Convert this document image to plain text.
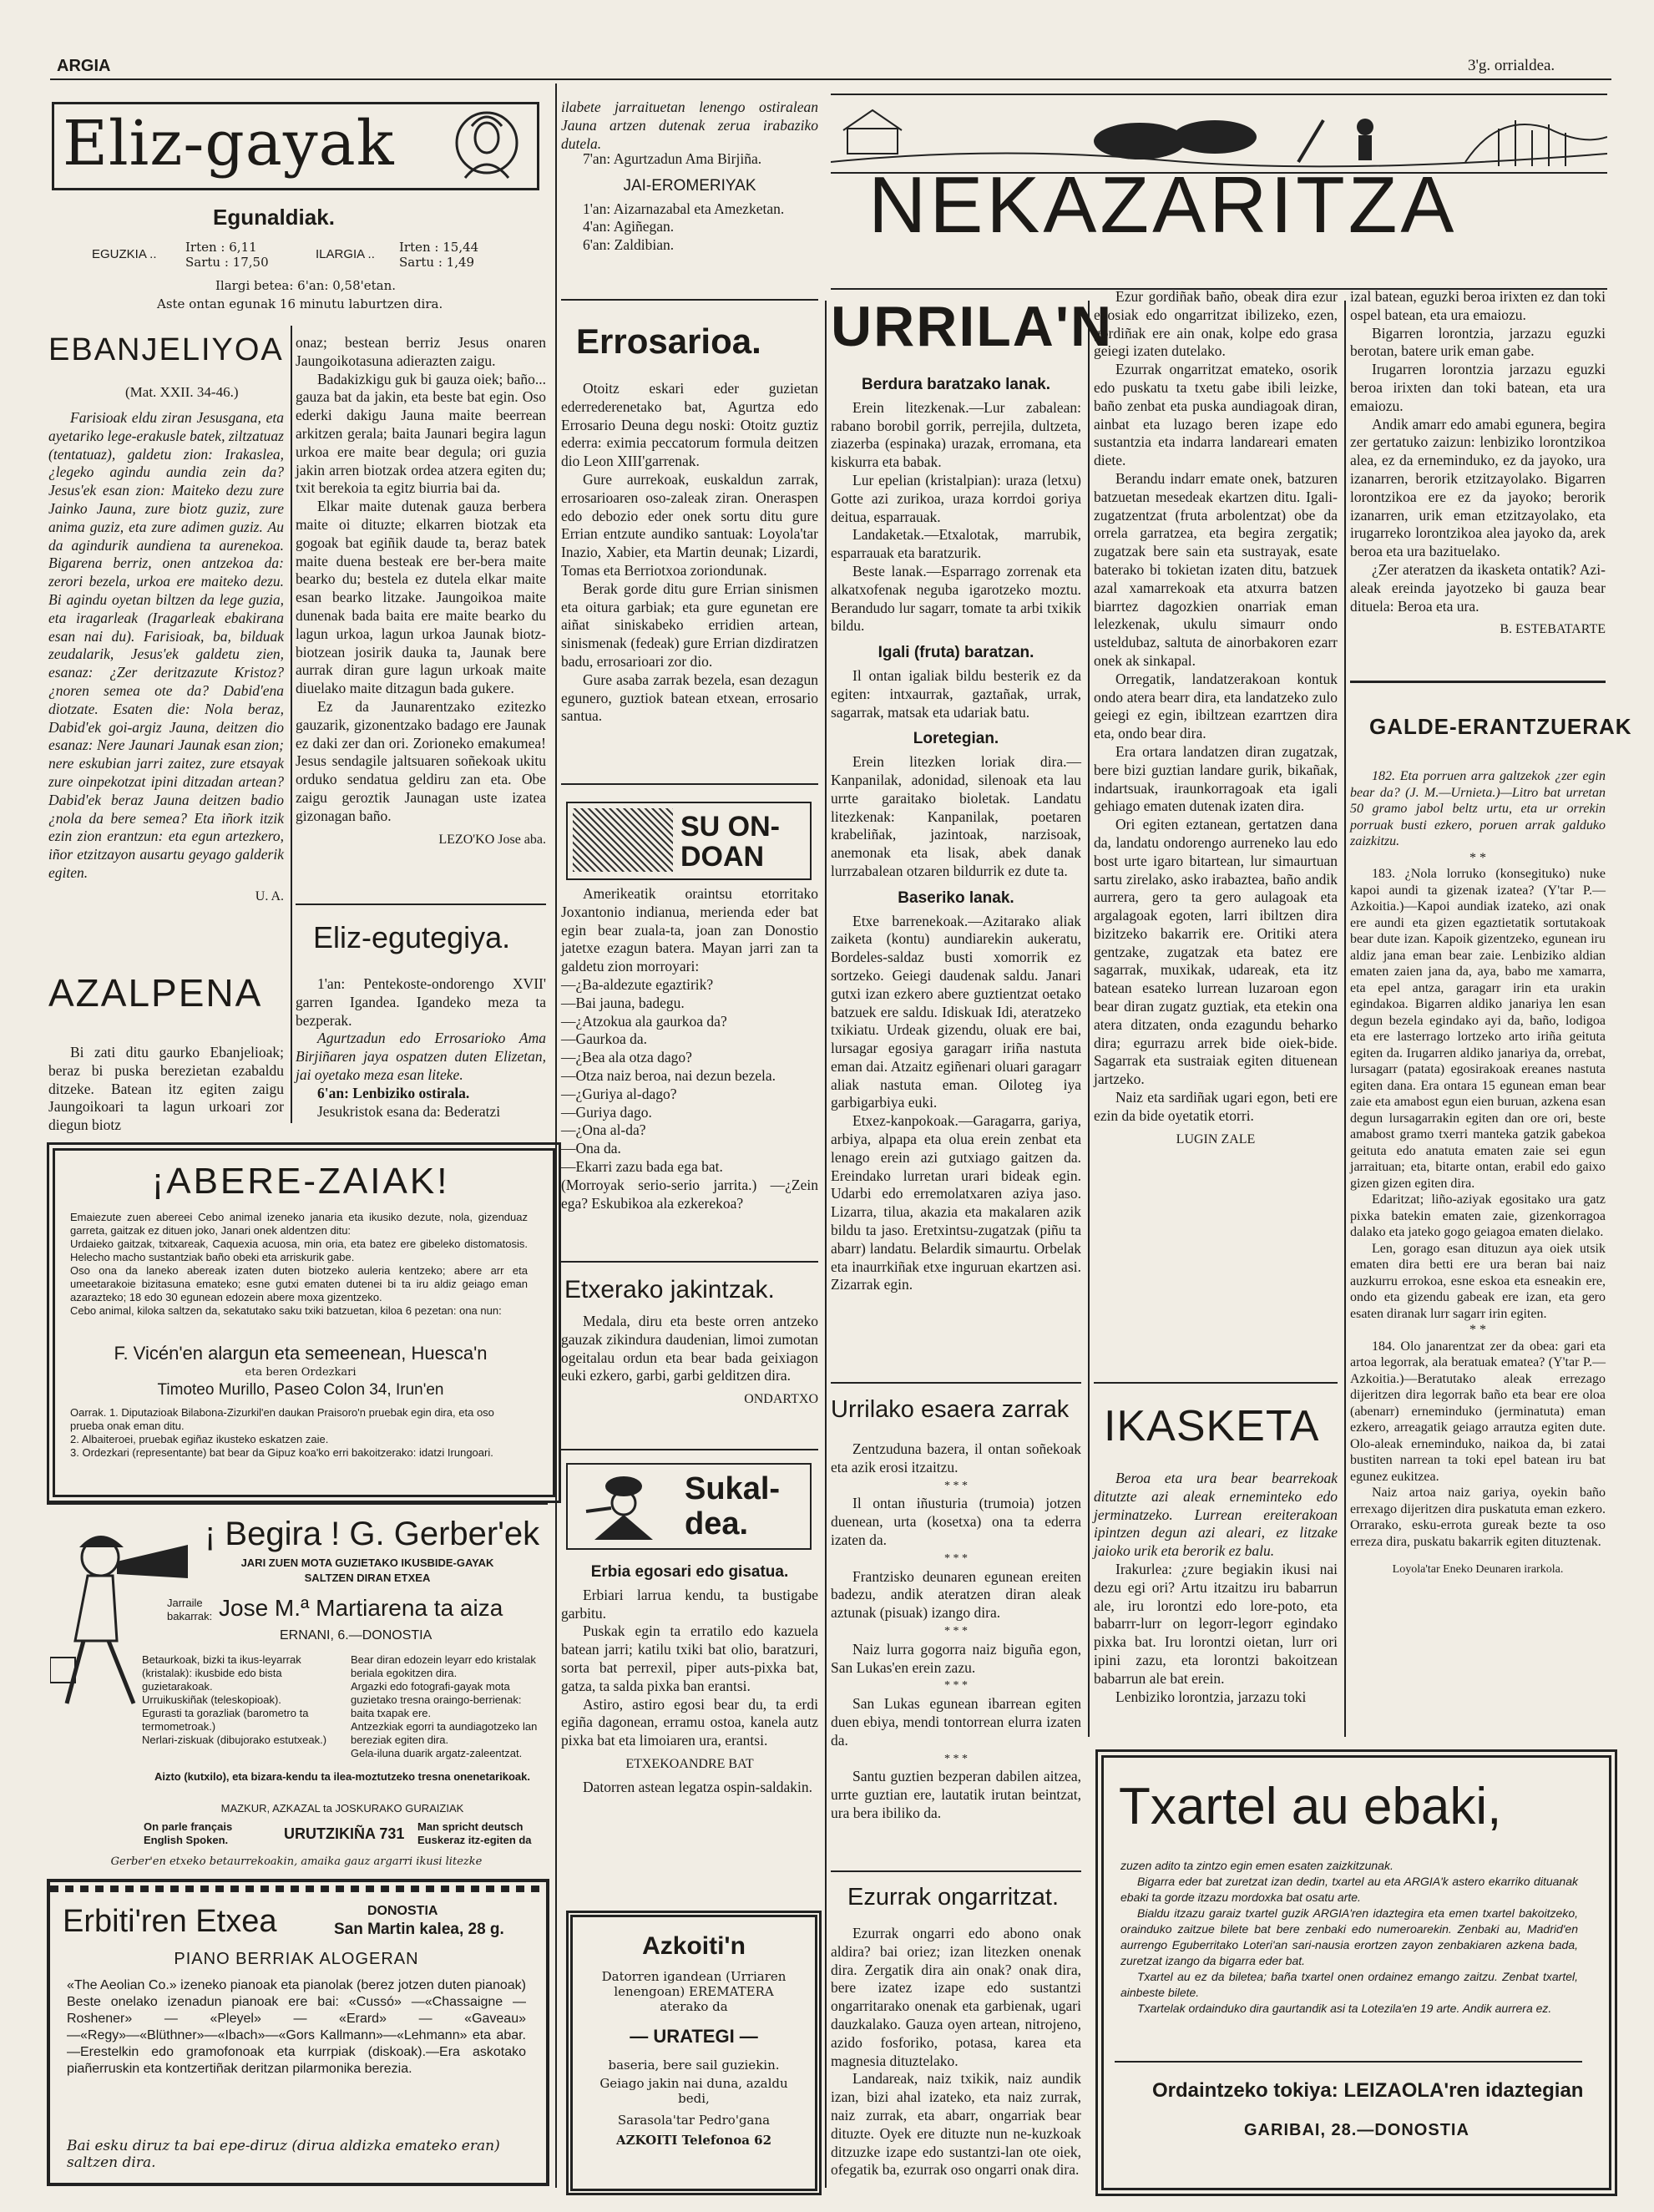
ARGIA	3'g. orrialdea.
Eliz-gayak
Egunaldiak.
EGUZKIA .. Irten : 6,11
Sartu : 17,50
ILARGIA .. Irten : 15,44
Sartu : 1,49
Ilargi betea: 6'an: 0,58'etan.
Aste ontan egunak 16 minutu laburtzen dira.
EBANJELIYOA
(Mat. XXII. 34-46.)

Farisioak eldu ziran Jesusgana, eta ayetariko lege-erakusle batek, ziltzatuaz (tentatuaz), galdetu zion: Irakaslea, ¿legeko agindu aundia zein da? Jesus'ek esan zion: Maiteko dezu zure Jainko Jauna, zure biotz guziz, zure anima guziz, eta zure adimen guziz. Au da agindurik aundiena ta aurenekoa. Bigarena berriz, onen antzekoa da: zerori bezela, urkoa ere maiteko dezu. Bi agindu oyetan biltzen da lege guzia, eta iragarleak (Iragarleak ebakirana esan nai du). Farisioak, ba, bilduak zeudalarik, Jesus'ek galdetu zien, esanaz: ¿Zer deritzazute Kristoz? ¿noren semea ote da? Dabid'ena diotzate. Esaten die: Nola beraz, Dabid'ek goi-argiz Jauna, deitzen dio esanaz: Nere Jaunari Jaunak esan zion; nere eskubian jarri zaitez, zure etsayak zure oinpekotzat ipini ditzadan artean? Dabid'ek beraz Jauna deitzen badio ¿nola da bere semea? Eta iñork itzik ezin zion erantzun: eta egun artezkero, iñor etzitzayon ausartu geyago galderik egiten.

U. A.
AZALPENA

Bi zati ditu gaurko Ebanjelioak; beraz bi puska berezietan ezabaldu ditzeke. Batean itz egiten zaigu Jaungoikoari ta lagun urkoari zor diegun biotz

onaz; bestean berriz Jesus onaren Jaungoikotasuna adierazten zaigu.

Badakizkigu guk bi gauza oiek; baño... gauza bat da jakin, eta beste bat egin. Oso ederki dakigu Jauna maite beerrean arkitzen gerala; baita Jaunari begira lagun urkoa ere maite bear degula; ori guzia jakin arren biotzak ordea atzera egiten du; txit berekoia ta egitz biurria bai da.

Elkar maite dutenak gauza berbera maite oi dituzte; elkarren biotzak eta gogoak bat egiñik daude ta, beraz batek maite duena besteak ere ber-bera maite bearko du; bestela ez dutela elkar maite esan bearko litzake. Jaungoikoa maite dunenak bada baita ere maite bearko du lagun urkoa, lagun urkoa Jaunak biotz-biotzean josirik dauka ta, Jaunak bere aurrak diran gure lagun urkoak maite diuelako maite ditzagun bada gukere.

Ez da Jaunarentzako ezitezko gauzarik, gizonentzako badago ere Jaunak ez daki zer dan ori. Zorioneko emakumea! Jesus sendagile jaltsuaren soñekoak ukitu orduko sendatua geldiru zan eta. Obe zaigu geroztik Jaunagan uste izatea gizonagan baño.

LEZO'KO Jose aba.
Eliz-egutegiya.

1'an: Pentekoste-ondorengo XVII' garren Igandea. Igandeko meza ta bezperak.

Agurtzadun edo Errosarioko Ama Birjiñaren jaya ospatzen duten Elizetan, jai oyetako meza esan liteke.

6'an: Lenbiziko ostirala.

Jesukristok esana da: Bederatzi

ilabete jarraituetan lenengo ostiralean Jauna artzen dutenak zerua irabaziko dutela.

7'an: Agurtzadun Ama Birjiña.

JAI-EROMERIYAK

1'an: Aizarnazabal eta Amezketan.

4'an: Agiñegan.

6'an: Zaldibian.

Errosarioa.

Otoitz eskari eder guzietan ederrederenetako bat, Agurtza edo Errosario Deuna degu noski: Otoitz guztiz ederra: eximia peccatorum formula deitzen dio Leon XIII'garrenak.

Gure aurrekoak, euskaldun zarrak, errosarioaren oso-zaleak ziran. Oneraspen edo debozio eder onek sortu ditu gure Errian entzute aundiko santuak: Loyola'tar Inazio, Xabier, eta Martin deunak; Lizardi, Tomas eta Berriotxoa zoriondunak.

Berak gorde ditu gure Errian sinismen eta oitura garbiak; eta gure egunetan ere aiñat siniskabeko erridien artean, sinismenak (fedeak) gure Errian dizdiratzen badu, errosarioari zor dio.

Gure asaba zarrak bezela, esan dezagun egunero, guztiok batean etxean, errosario santua.

SU ON-DOAN

Amerikeatik oraintsu etorritako Joxantonio indianua, merienda eder bat egin bear zuala-ta, joan zan Donostio jatetxe ezagun batera. Mayan jarri zan ta galdetu zion morroyari:

—¿Ba-aldezute egaztirik?

—Bai jauna, badegu.

—¿Atzokua ala gaurkoa da?

—Gaurkoa da.

—¿Bea ala otza dago?

—Otza naiz beroa, nai dezun bezela.

—¿Guriya al-dago?

—Guriya dago.

—¿Ona al-da?

—Ona da.

—Ekarri zazu bada ega bat.

(Morroyak serio-serio jarrita.) —¿Zein ega? Eskubikoa ala ezkerekoa?

Etxerako jakintzak.

Medala, diru eta beste orren antzeko gauzak zikindura daudenian, limoi zumotan ogeitalau ordun eta bear bada geixiagon euki ezkero, garbi, garbi gelditzen dira.

ONDARTXO
Sukal-dea.
Erbia egosari edo gisatua.

Erbiari larrua kendu, ta bustigabe garbitu.

Puskak egin ta erratilo edo kazuela batean jarri; katilu txiki bat olio, baratzuri, sorta bat perrexil, piper auts-pixka bat, gatza, ta salda pixka ban erantsi.

Astiro, astiro egosi bear du, ta erdi egiña dagonean, erramu ostoa, kanela autz pixka bat eta limoiaren ura, erantsi.

ETXEKOANDRE BAT

Datorren astean legatza ospin-saldakin.

Azkoiti'n
Datorren igandean (Urriaren lenengoan) EREMATERA aterako da
— URATEGI —
baseria, bere sail guziekin.
Geiago jakin nai duna, azaldu bedi,
Sarasola'tar Pedro'gana
AZKOITI Telefonoa 62
NEKAZARITZA
URRILA'N
Berdura baratzako lanak.

Erein litezkenak.—Lur zabalean: rabano borobil gorrik, perrejila, dultzeta, ziazerba (espinaka) urazak, erromana, eta kiskurra eta babak.

Lur epelian (kristalpian): uraza (letxu) Gotte azi zurikoa, uraza korrdoi goriya deitua, esparrauak.

Landaketak.—Etxalotak, marrubik, esparrauak eta baratzurik.

Beste lanak.—Esparrago zorrenak eta alkatxofenak neguba igarotzeko moztu. Berandudo lur sagarr, tomate ta arbi txikik bildu.

Igali (fruta) baratzan.

Il ontan igaliak bildu besterik ez da egiten: intxaurrak, gaztañak, urrak, sagarrak, matsak eta udariak batu.

Loretegian.

Erein litezken loriak dira.—Kanpanilak, adonidad, silenoak eta lau urrte garaitako bioletak. Landatu litezkenak: Kanpanilak, poetaren krabeliñak, jazintoak, narzisoak, anemonak eta lisak, abek danak lurrzabalean otzaren bildurrik ez dute ta.

Baseriko lanak.

Etxe barrenekoak.—Azitarako aliak zaiketa (kontu) aundiarekin aukeratu, Bordeles-saldaz busti xomorrik ez sortzeko. Geiegi daudenak saldu. Janari gutxi izan ezkero abere guztientzat oetako batzuek ere saldu. Idiskuak Idi, ateratzeko txikiatu. Urdeak gizendu, oluak ere bai, lursagar egosiya garagarr iriña nastuta eman dai. Atzaitz egiñenari oluari garagarr aliak nastuta eman. Oiloteg iya garbigarbiya euki.

Etxez-kanpokoak.—Garagarra, gariya, arbiya, alpapa eta olua erein zenbat eta lenago erein azi gutxiago gaitzen da. Ereindako lurretan urari bideak egin. Udarbi edo erremolatxaren aziya jaso. Lizarra, tilua, akazia eta makalaren azik bildu ta jaso. Eretxintsu-zugatzak (piñu ta abarr) landatu. Belardik simaurtu. Orbelak eta inaurrkiñak etxe inguruan ekartzen asi. Zizarrak egin.

Urrilako esaera zarrak

Zentzuduna bazera, il ontan soñekoak eta azik erosi itzaitzu.

* * *

Il ontan iñusturia (trumoia) jotzen duenean, urta (kosetxa) ona ta ederra izaten da.

* * *

Frantzisko deunaren egunean ereiten badezu, andik ateratzen diran aleak aztunak (pisuak) izango dira.

* * *

Naiz lurra gogorra naiz biguña egon, San Lukas'en erein zazu.

* * *

San Lukas egunean ibarrean egiten duen ebiya, mendi tontorrean elurra izaten da.

* * *

Santu guztien bezperan dabilen aitzea, urrte guztian ere, lautatik irutan beintzat, ura bera ibiliko da.

Ezurrak ongarritzat.

Ezurrak ongarri edo abono onak aldira? bai oriez; izan litezken onenak dira. Zergatik dira ain onak? onak dira, bere izatez izape edo sustantzi ongarritarako onenak eta garbienak, ugari dauzkalako. Gauza oyen artean, nitrojeno, azido fosforiko, potasa, karea eta magnesia dituztelako.

Landareak, naiz txikik, naiz aundik izan, bizi ahal izateko, eta naiz zurrak, naiz zurrak, eta abarr, ongarriak bear dituzte. Oyek ere dituzte nun ne-kuzkoak ditzuzke izape edo sustantzi-lan ote oiek, ofegatik ba, ezurrak oso ongarri onak dira.

Ezur gordiñak baño, obeak dira ezur egosiak edo ongarritzat ibilizeko, ezen, gordiñak ere ain onak, kolpe edo grasa geiegi izaten dutelako.

Ezurrak ongarritzat emateko, osorik edo puskatu ta txetu gabe ibili leizke, baño zenbat eta puska aundiagoak diran, ainbat eta luzago beren izape edo sustantzia eta indarra landareari ematen diete.

Berandu indarr emate onek, batzuren batzuetan mesedeak ekartzen ditu. Igali-zugatzentzat (fruta arbolentzat) obe da orrela garratzea, eta begira zergatik; zugatzak bere sain eta sustrayak, esate baterako bi tokietan izaten ditu, batzuek azal xamarrekoak eta atxurra batzen biarrtez dagozkien onarriak eman lelezkenak, ukulu simaurr ondo usteldubaz, saltuta de ainorbakoren ezarr onek ak sinkapal.

Orregatik, landatzerakoan kontuk ondo atera bearr dira, eta landatzeko zulo geiegi ez egin, ibiltzean ezarrtzen dira eta, ondo bear dira.

Era ortara landatzen diran zugatzak, bere bizi guztian landare gurik, bikañak, indartsuak, iraunkorragoak eta igali gehiago ematen dutenak izaten dira.

Ori egiten eztanean, gertatzen dana da, landatu ondorengo aurreneko lau edo bost urte igaro bitartean, lur simaurtuan sartu zirelako, asko irabaztea, baño andik aurrera, gero ta gero aulagoak eta argalagoak egoten, larri ibiltzen dira bizitzeko bakarrik ere. Oritiki atera gentzake, zugatzak eta batez ere sagarrak, muxikak, udareak, eta itz batean esateko lurrean luzaroan egon bear diran zugatz guztiak, eta etekin ona atera ditzaten, onda ezagundu beharko dira; egurrazu arrek bide oiek-bide. Sagarrak eta sustraiak egiten dituenean jartzeko.

Naiz eta sardiñak ugari egon, beti ere ezin da bide oyetatik etorri.

LUGIN ZALE
IKASKETA

Beroa eta ura bear bearrekoak ditutzte azi aleak erneminteko edo jerminatzeko. Lurrean ereiterakoan ipintzen degun azi aleari, ez litzake jaioko urik eta berorik ez balu.

Irakurlea: ¿zure begiakin ikusi nai dezu egi ori? Artu itzaitzu iru babarrun ale, iru lorontzi edo lore-poto, eta babarrr-lurr on legorr-legorr egindako pixka bat. Iru lorontzi oietan, lurr ori ipini zazu, eta lorontzi bakoitzean babarrun ale bat erein.

Lenbiziko lorontzia, jarzazu toki

izal batean, eguzki beroa irixten ez dan toki ospel batean, eta ura emaiozu.

Bigarren lorontzia, jarzazu eguzki berotan, batere urik eman gabe.

Irugarren lorontzia jarzazu eguzki beroa irixten dan toki batean, eta ura emaiozu.

Andik amarr edo amabi egunera, begira zer gertatuko zaizun: lenbiziko lorontzikoa alea, ez da erneminduko, ez da jayoko, ura izanarren, berorik etzitzayolako. Bigarren lorontzikoa ere ez da jayoko; berorik izanarren, urik eman etzitzayolako, eta irugarreko lorontzikoa alea jayoko da, arek beroa eta ura bazituelako.

¿Zer ateratzen da ikasketa ontatik? Azi-aleak ereinda jayotzeko bi gauza bear dituela: Beroa eta ura.

B. ESTEBATARTE
GALDE-ERANTZUERAK

182. Eta porruen arra galtzekok ¿zer egin bear da? (J. M.—Urnieta.)—Litro bat urretan 50 gramo jabol beltz urtu, eta ur orrekin porruak busti ezkero, poruen arrak galduko zaizkitzu.

* *

183. ¿Nola lorruko (konsegituko) nuke kapoi aundi ta gizenak izatea? (Y'tar P.—Azkoitia.)—Kapoi aundiak izateko, azi onak ere aundi eta gizen egaztietatik sortutakoak bear dute izan. Kapoik gizentzeko, egunean iru aldiz jana eman bear zaie. Lenbiziko aldian ematen zaien jana da, aya, babo me xamarra, eta epel antza, garagarr irin eta urakin egindakoa. Bigarren aldiko janariya len esan degun bezela egindako ayi da, baño, lodigoa eta ere lasterrago lortzeko arto iriña geituta egiten da. Irugarren aldiko janariya da, orrebat, lursagarr (patata) egosirakoak ereanes nastuta egiten dana. Era ontara 15 egunean eman bear zaie eta amabost egun eien buruan, azkena esan degun lursagarrakin egiten dan ore ori, beste amabost gramo txerri manteka gatzik gabekoa geituta edo anatuta ematen zaie sei egun jarraituan; eta, bitarte ontan, erabil edo gaixo gizen gizen egiten dira.

Edaritzat; liño-aziyak egositako ura gatz pixka batekin ematen zaie, gizenkorragoa dalako eta jateko gogo geiagoa ematen dielako.

Len, gorago esan dituzun aya oiek utsik ematen dira betti ere ura beran bai naiz auzkurru errokoa, esne eskoa eta esneakin ere, ondo eta gizendu gabeak ere izan, eta gero esaten diranak lurr sagarr irin egiten.

* *

184. Olo janarentzat zer da obea: gari eta artoa legorrak, ala beratuak ematea? (Y'tar P.—Azkoitia.)—Beratutako aleak errezago dijeritzen dira legorrak baño eta bear ere oloa (abenarr) erneminduko (jerminatuta) eman ezkero, arreagatik geiago arrautza egiten dute. Olo-aleak erneminduko, naikoa da, bi zatai bustiten narrean ta toki epel batean iru bat egunez eukitzea.

Naiz artoa naiz gariya, oyekin baño errexago dijeritzen dira puskatuta eman ezkero. Orrarako, esku-errota gureak bezte ta oso erreza dira, puskatu bakarrik egiten dituztenak.

Loyola'tar Eneko Deunaren irarkola.
¡ABERE-ZAIAK!
Emaiezute zuen abereei Cebo animal izeneko janaria eta ikusiko dezute, nola, gizenduaz garreta, gaitzak ez dituen joko, Janari onek aldentzen ditu:
Urdaieko gaitzak, txitxareak, Caquexia acuosa, min oria, eta batez ere gibeleko distomatosis. Helecho macho sustantziak baño obeki eta arriskurik gabe.
Oso ona da laneko abereak izaten duten biotzeko auleria kentzeko; abere arr eta umeetarakoie bizitasuna emateko; esne gutxi ematen dutenei bi ta iru aldiz geiago eman azarazteko; 18 edo 30 egunean edozein abere moxa gizentzeko.
Cebo animal, kiloka saltzen da, sekatutako saku txiki batzuetan, kiloa 6 pezetan: ona nun:
F. Vicén'en alargun eta semeenean, Huesca'n
eta beren Ordezkari
Timoteo Murillo, Paseo Colon 34, Irun'en
Oarrak. 1. Diputazioak Bilabona-Zizurkil'en daukan Praisoro'n pruebak egin dira, eta oso prueba onak eman ditu.
2. Albaiteroei, pruebak egiñaz ikusteko eskatzen zaie.
3. Ordezkari (representante) bat bear da Gipuz koa'ko erri bakoitzerako: idatzi Irungoari.
¡ Begira ! G. Gerber'ek
JARI ZUEN MOTA GUZIETAKO IKUSBIDE-GAYAK
SALTZEN DIRAN ETXEA
Jarraile bakarrak: Jose M.ª Martiarena ta aiza
ERNANI, 6.—DONOSTIA
Betaurkoak, bizki ta ikus-leyarrak (kristalak): ikusbide edo bista guzietarakoak.
Urruikuskiñak (teleskopioak).
Egurasti ta gorazliak (barometro ta termometroak.)
Nerlari-ziskuak (dibujorako estutxeak.)
Bear diran edozein leyarr edo kristalak beriala egokitzen dira.
Argazki edo fotografi-gayak mota guzietako tresna oraingo-berrienak: baita txapak ere.
Antzezkiak egorri ta aundiagotzeko lan bereziak egiten dira.
Gela-iluna duarik argatz-zaleentzat.
Aizto (kutxilo), eta bizara-kendu ta ilea-moztutzeko tresna onenetarikoak.
MAZKUR, AZKAZAL ta JOSKURAKO GURAIZIAK
On parle français English Spoken.	URUTZIKIÑA 731 Man spricht deutsch Euskeraz itz-egiten da
Gerber'en etxeko betaurrekoakin, amaika gauz argarri ikusi litezke
Erbiti'ren Etxea	DONOSTIA
San Martin kalea, 28 g.
PIANO BERRIAK ALOGERAN
«The Aeolian Co.» izeneko pianoak eta pianolak (berez jotzen duten pianoak) Beste onelako izenadun pianoak ere bai: «Cussó» —«Chassaigne — Roshener» — «Pleyel» — «Erard» — «Gaveau» —«Regy»—«Blüthner»—«Ibach»—«Gors Kallmann»—«Lehmann» eta abar.—Erestelkin edo gramofonoak eta kurrpiak (diskoak).—Era askotako piañerruskin eta kontzertiñak deritzan pilarmonika berezia.
Bai esku diruz ta bai epe-diruz (dirua aldizka emateko eran) saltzen dira.
Txartel au ebaki,
zuzen adito ta zintzo egin emen esaten zaizkitzunak.
Bigarra eder bat zuretzat izan dedin, txartel au eta ARGIA'k astero ekarriko dituanak ebaki ta gorde itzazu mordoxka bat osatu arte.
Bialdu itzazu garaiz txartel guzik ARGIA'ren idaztegira eta emen txartel bakoitzeko, orainduko zaitzue bilete bat bere zenbaki edo numeroarekin. Zenbaki au, Madrid'en aurrengo Eguberritako Loteri'an sari-nausia erortzen zayon zenbakiaren azkena bada, zuretzat izango da bigarra eder bat.
Txartel au ez da biletea; baña txartel onen ordainez emango zaitzu. Zenbat txartel, ainbeste bilete.
Txartelak ordainduko dira gaurtandik asi ta Lotezila'en 19 arte. Andik aurrera ez.
Ordaintzeko tokiya: LEIZAOLA'ren idaztegian
GARIBAI, 28.—DONOSTIA
